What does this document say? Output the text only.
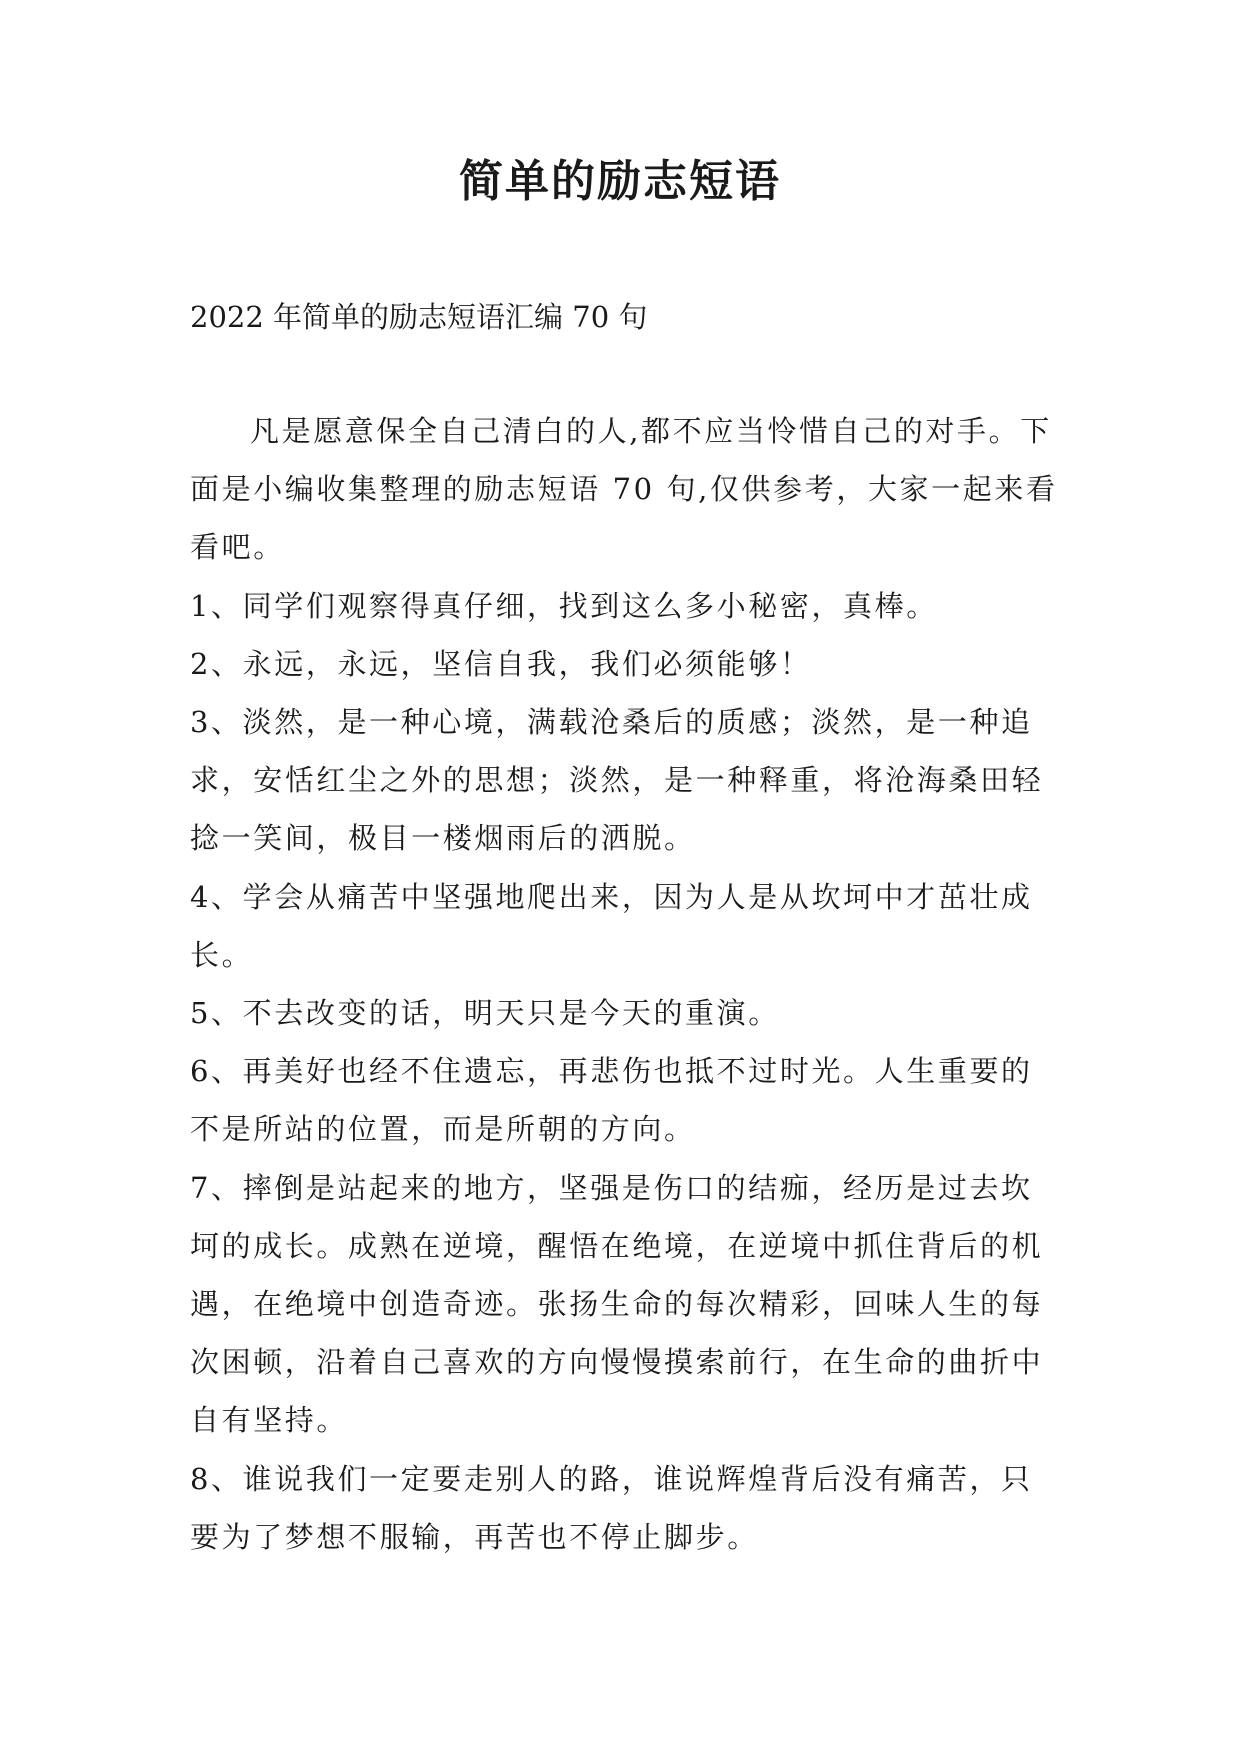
简单的励志短语
2022 年简单的励志短语汇编 70 句

凡是愿意保全自己清白的人,都不应当怜惜自己的对手。下面是小编收集整理的励志短语 70 句,仅供参考，大家一起来看看吧。

1、同学们观察得真仔细，找到这么多小秘密，真棒。

2、永远，永远，坚信自我，我们必须能够！

3、淡然，是一种心境，满载沧桑后的质感；淡然，是一种追求，安恬红尘之外的思想；淡然，是一种释重，将沧海桑田轻捻一笑间，极目一楼烟雨后的洒脱。

4、学会从痛苦中坚强地爬出来，因为人是从坎坷中才茁壮成长。

5、不去改变的话，明天只是今天的重演。

6、再美好也经不住遗忘，再悲伤也抵不过时光。人生重要的不是所站的位置，而是所朝的方向。

7、摔倒是站起来的地方，坚强是伤口的结痂，经历是过去坎坷的成长。成熟在逆境，醒悟在绝境，在逆境中抓住背后的机遇，在绝境中创造奇迹。张扬生命的每次精彩，回味人生的每次困顿，沿着自己喜欢的方向慢慢摸索前行，在生命的曲折中自有坚持。

8、谁说我们一定要走别人的路，谁说辉煌背后没有痛苦，只要为了梦想不服输，再苦也不停止脚步。
